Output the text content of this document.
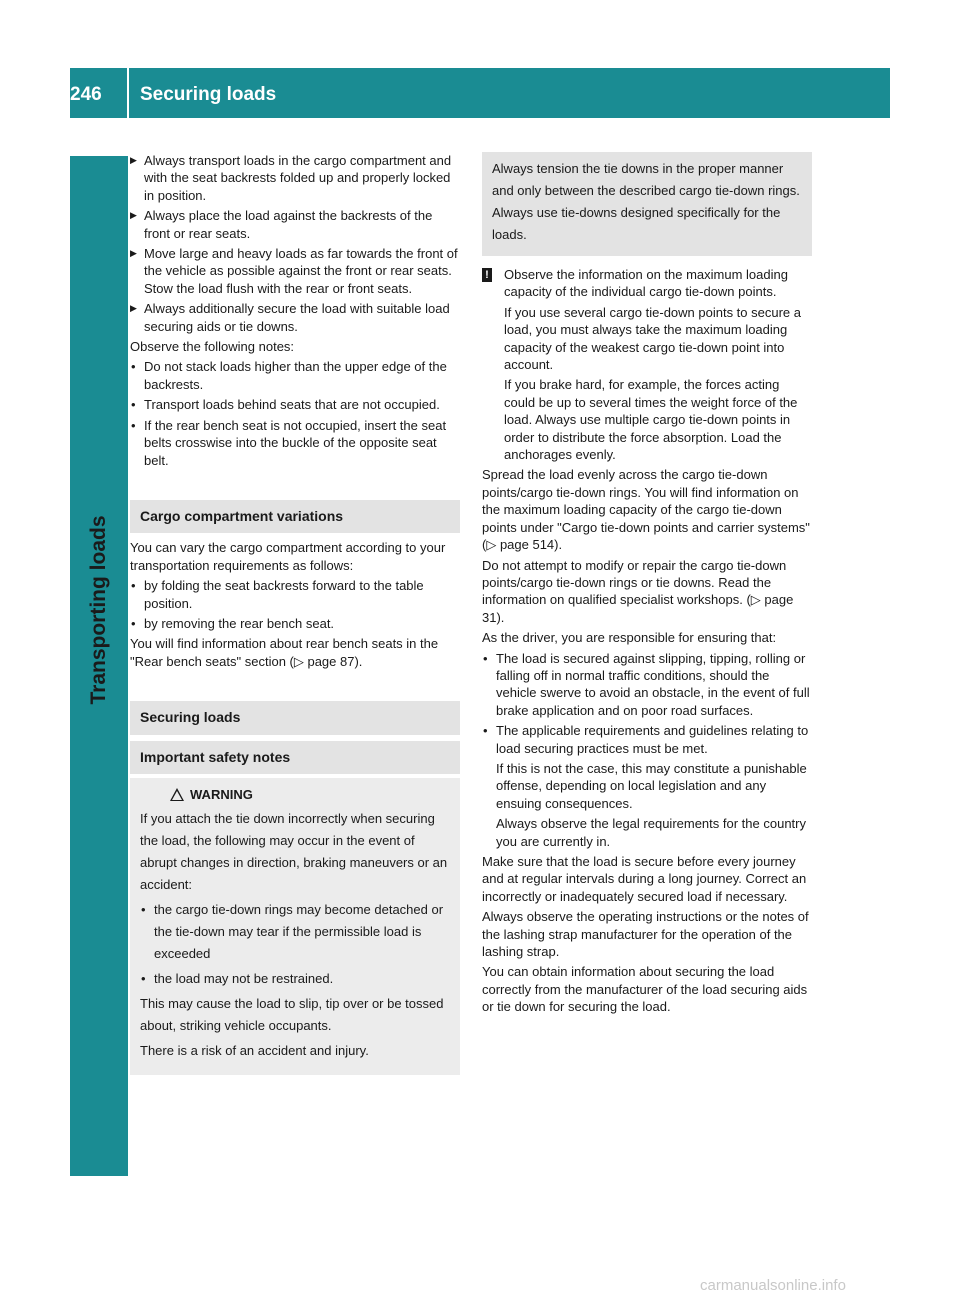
246 Securing loads
Transporting loads
▶ Always transport loads in the cargo compartment and with the seat backrests folded up and properly locked in position.
▶ Always place the load against the backrests of the front or rear seats.
▶ Move large and heavy loads as far towards the front of the vehicle as possible against the front or rear seats. Stow the load flush with the rear or front seats.
▶ Always additionally secure the load with suitable load securing aids or tie downs.

Observe the following notes:

• Do not stack loads higher than the upper edge of the backrests.
• Transport loads behind seats that are not occupied.
• If the rear bench seat is not occupied, insert the seat belts crosswise into the buckle of the opposite seat belt.
Cargo compartment variations

You can vary the cargo compartment according to your transportation requirements as follows:

• by folding the seat backrests forward to the table position.
• by removing the rear bench seat.

You will find information about rear bench seats in the "Rear bench seats" section (▷ page 87).

Securing loads
Important safety notes
WARNING

If you attach the tie down incorrectly when securing the load, the following may occur in the event of abrupt changes in direction, braking maneuvers or an accident:

• the cargo tie-down rings may become detached or the tie-down may tear if the permissible load is exceeded
• the load may not be restrained.

This may cause the load to slip, tip over or be tossed about, striking vehicle occupants.

There is a risk of an accident and injury.

Always tension the tie downs in the proper manner and only between the described cargo tie-down rings. Always use tie-downs designed specifically for the loads.
! Observe the information on the maximum loading capacity of the individual cargo tie-down points.
If you use several cargo tie-down points to secure a load, you must always take the maximum loading capacity of the weakest cargo tie-down point into account.
If you brake hard, for example, the forces acting could be up to several times the weight force of the load. Always use multiple cargo tie-down points in order to distribute the force absorption. Load the anchorages evenly.

Spread the load evenly across the cargo tie-down points/cargo tie-down rings. You will find information on the maximum loading capacity of the cargo tie-down points under "Cargo tie-down points and carrier systems" (▷ page 514).

Do not attempt to modify or repair the cargo tie-down points/cargo tie-down rings or tie downs. Read the information on qualified specialist workshops. (▷ page 31).

As the driver, you are responsible for ensuring that:

• The load is secured against slipping, tipping, rolling or falling off in normal traffic conditions, should the vehicle swerve to avoid an obstacle, in the event of full brake application and on poor road surfaces.
• The applicable requirements and guidelines relating to load securing practices must be met.
If this is not the case, this may constitute a punishable offense, depending on local legislation and any ensuing consequences.
Always observe the legal requirements for the country you are currently in.

Make sure that the load is secure before every journey and at regular intervals during a long journey. Correct an incorrectly or inadequately secured load if necessary.

Always observe the operating instructions or the notes of the lashing strap manufacturer for the operation of the lashing strap.

You can obtain information about securing the load correctly from the manufacturer of the load securing aids or tie down for securing the load.

carmanualsonline.info
